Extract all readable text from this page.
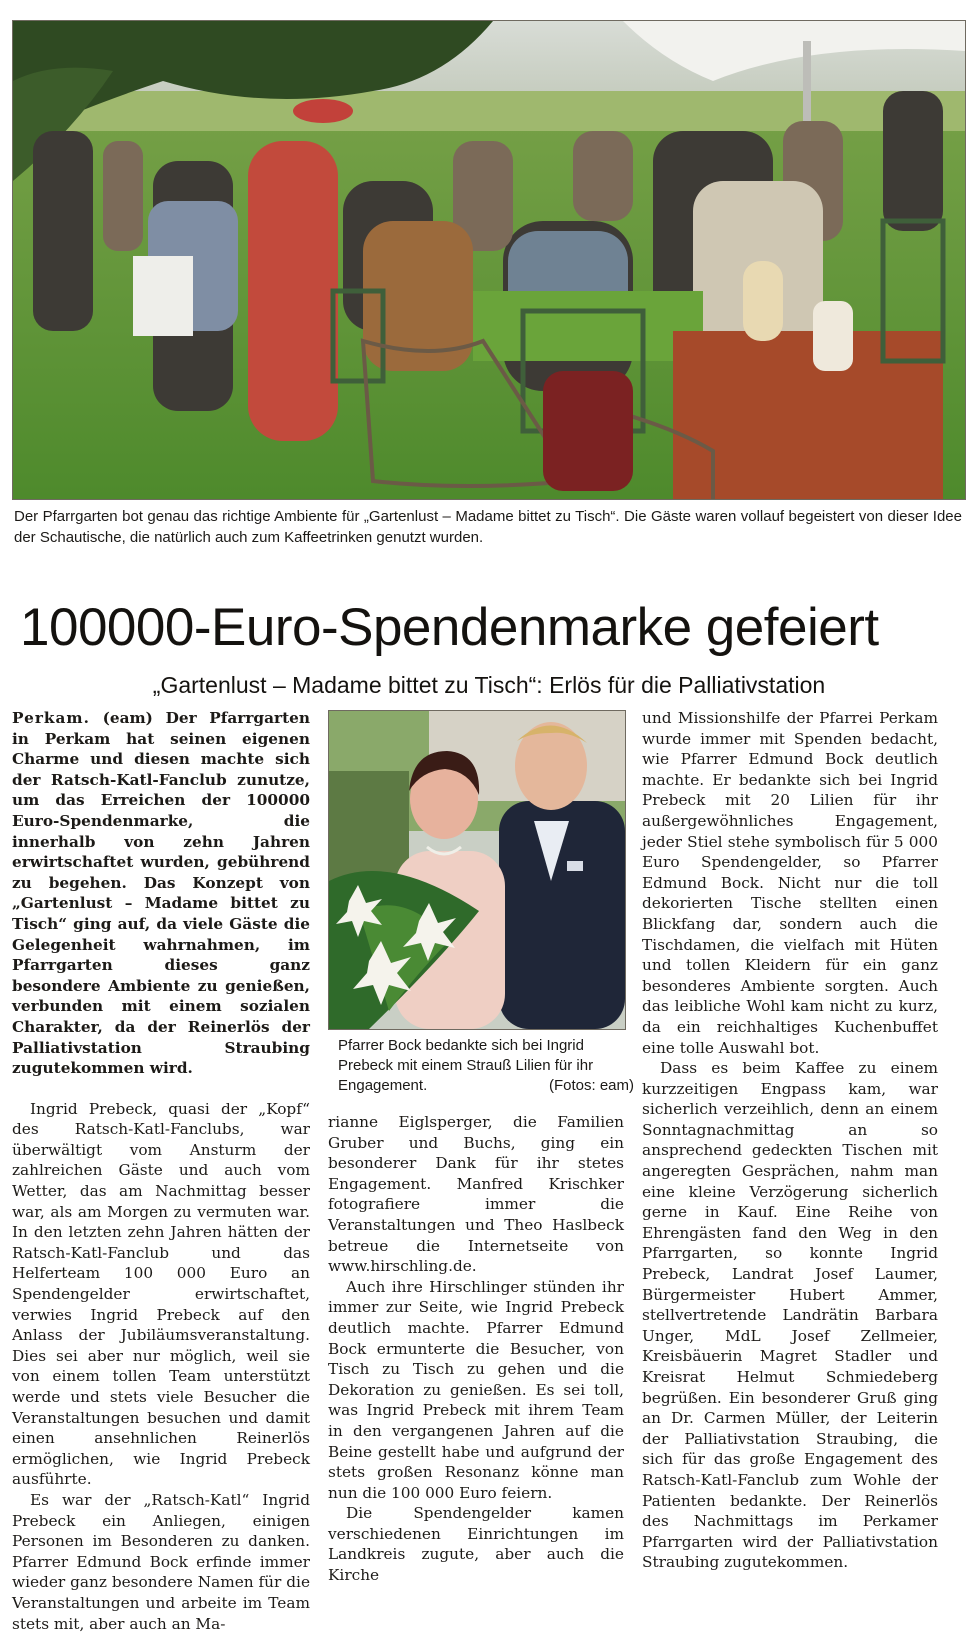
Der Pfarrgarten bot genau das richtige Ambiente für „Gartenlust – Madame bittet zu Tisch“. Die Gäste waren vollauf begeistert von dieser Idee der Schautische, die natürlich auch zum Kaffeetrinken genutzt wurden.

100000-Euro-Spendenmarke gefeiert
„Gartenlust – Madame bittet zu Tisch“: Erlös für die Palliativstation

Perkam. (eam) Der Pfarrgarten in Perkam hat seinen eigenen Charme und diesen machte sich der Ratsch-Katl-Fanclub zunutze, um das Erreichen der 100000 Euro-Spendenmarke, die innerhalb von zehn Jahren erwirtschaftet wurden, gebührend zu begehen. Das Konzept von „Gartenlust – Madame bittet zu Tisch“ ging auf, da viele Gäste die Gelegenheit wahrnahmen, im Pfarrgarten dieses ganz besondere Ambiente zu genießen, verbunden mit einem sozialen Charakter, da der Reinerlös der Palliativstation Straubing zugutekommen wird.

Ingrid Prebeck, quasi der „Kopf“ des Ratsch-Katl-Fanclubs, war überwältigt vom Ansturm der zahlreichen Gäste und auch vom Wetter, das am Nachmittag besser war, als am Morgen zu vermuten war. In den letzten zehn Jahren hätten der Ratsch-Katl-Fanclub und das Helferteam 100 000 Euro an Spendengelder erwirtschaftet, verwies Ingrid Prebeck auf den Anlass der Jubiläumsveranstaltung. Dies sei aber nur möglich, weil sie von einem tollen Team unterstützt werde und stets viele Besucher die Veranstaltungen besuchen und damit einen ansehnlichen Reinerlös ermöglichen, wie Ingrid Prebeck ausführte.

Es war der „Ratsch-Katl“ Ingrid Prebeck ein Anliegen, einigen Personen im Besonderen zu danken. Pfarrer Edmund Bock erfinde immer wieder ganz besondere Namen für die Veranstaltungen und arbeite im Team stets mit, aber auch an Ma-

Pfarrer Bock bedankte sich bei Ingrid Prebeck mit einem Strauß Lilien für ihr Engagement.	(Fotos: eam)

rianne Eiglsperger, die Familien Gruber und Buchs, ging ein besonderer Dank für ihr stetes Engagement. Manfred Krischker fotografiere immer die Veranstaltungen und Theo Haslbeck betreue die Internetseite von www.hirschling.de.

Auch ihre Hirschlinger stünden ihr immer zur Seite, wie Ingrid Prebeck deutlich machte. Pfarrer Edmund Bock ermunterte die Besucher, von Tisch zu Tisch zu gehen und die Dekoration zu genießen. Es sei toll, was Ingrid Prebeck mit ihrem Team in den vergangenen Jahren auf die Beine gestellt habe und aufgrund der stets großen Resonanz könne man nun die 100 000 Euro feiern.

Die Spendengelder kamen verschiedenen Einrichtungen im Landkreis zugute, aber auch die Kirche

und Missionshilfe der Pfarrei Perkam wurde immer mit Spenden bedacht, wie Pfarrer Edmund Bock deutlich machte. Er bedankte sich bei Ingrid Prebeck mit 20 Lilien für ihr außergewöhnliches Engagement, jeder Stiel stehe symbolisch für 5 000 Euro Spendengelder, so Pfarrer Edmund Bock. Nicht nur die toll dekorierten Tische stellten einen Blickfang dar, sondern auch die Tischdamen, die vielfach mit Hüten und tollen Kleidern für ein ganz besonderes Ambiente sorgten. Auch das leibliche Wohl kam nicht zu kurz, da ein reichhaltiges Kuchenbuffet eine tolle Auswahl bot.

Dass es beim Kaffee zu einem kurzzeitigen Engpass kam, war sicherlich verzeihlich, denn an einem Sonntagnachmittag an so ansprechend gedeckten Tischen mit angeregten Gesprächen, nahm man eine kleine Verzögerung sicherlich gerne in Kauf. Eine Reihe von Ehrengästen fand den Weg in den Pfarrgarten, so konnte Ingrid Prebeck, Landrat Josef Laumer, Bürgermeister Hubert Ammer, stellvertretende Landrätin Barbara Unger, MdL Josef Zellmeier, Kreisbäuerin Magret Stadler und Kreisrat Helmut Schmiedeberg begrüßen. Ein besonderer Gruß ging an Dr. Carmen Müller, der Leiterin der Palliativstation Straubing, die sich für das große Engagement des Ratsch-Katl-Fanclub zum Wohle der Patienten bedankte. Der Reinerlös des Nachmittags im Perkamer Pfarrgarten wird der Palliativstation Straubing zugutekommen.
